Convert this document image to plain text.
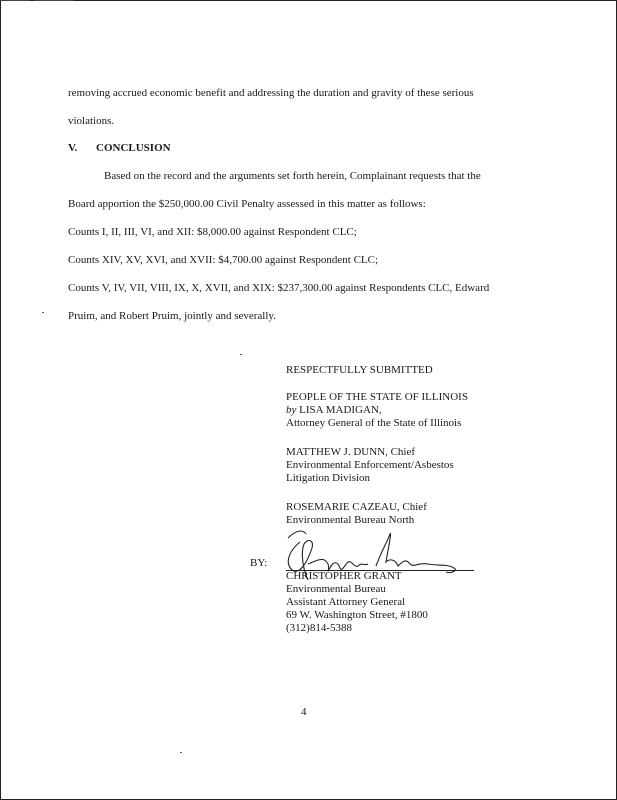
removing accrued economic benefit and addressing the duration and gravity of these serious
violations.
V. CONCLUSION
Based on the record and the arguments set forth herein, Complainant requests that the
Board apportion the $250,000.00 Civil Penalty assessed in this matter as follows:
Counts I, II, III, VI, and XII: $8,000.00 against Respondent CLC;
Counts XIV, XV, XVI, and XVII: $4,700.00 against Respondent CLC;
Counts V, IV, VII, VIII, IX, X, XVII, and XIX: $237,300.00 against Respondents CLC, Edward
Pruim, and Robert Pruim, jointly and severally.
RESPECTFULLY SUBMITTED
PEOPLE OF THE STATE OF ILLINOIS
by LISA MADIGAN,
Attorney General of the State of Illinois
MATTHEW J. DUNN, Chief
Environmental Enforcement/Asbestos
Litigation Division
ROSEMARIE CAZEAU, Chief
Environmental Bureau North
BY:
CHRISTOPHER GRANT
Environmental Bureau
Assistant Attorney General
69 W. Washington Street, #1800
(312)814-5388
4
